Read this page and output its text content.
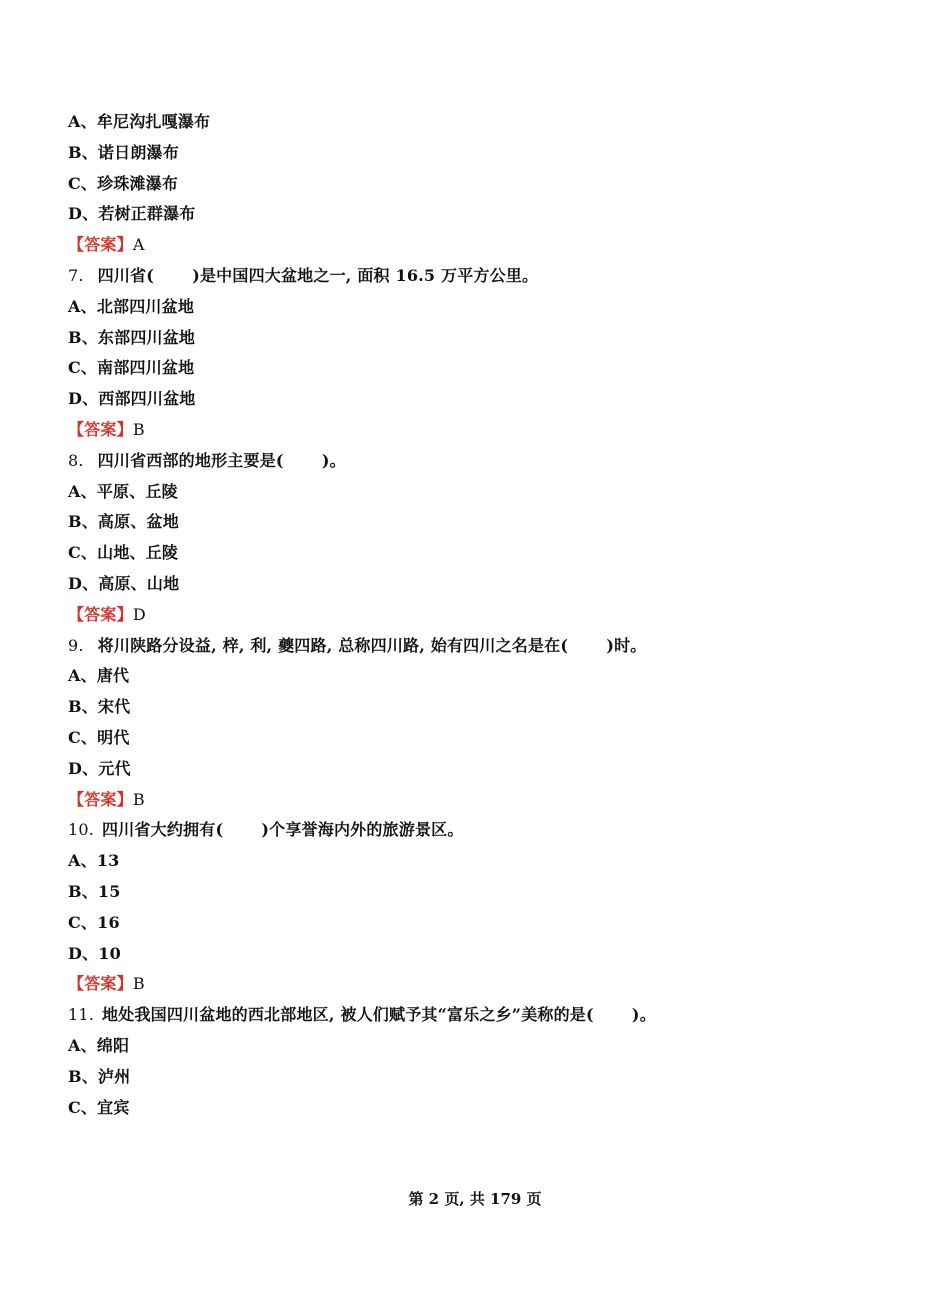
A、牟尼沟扎嘎瀑布
B、诺日朗瀑布
C、珍珠滩瀑布
D、若树正群瀑布
【答案】A
7. 四川省(　　 )是中国四大盆地之一, 面积 16.5 万平方公里。
A、北部四川盆地
B、东部四川盆地
C、南部四川盆地
D、西部四川盆地
【答案】B
8. 四川省西部的地形主要是(　　 )。
A、平原、丘陵
B、高原、盆地
C、山地、丘陵
D、高原、山地
【答案】D
9. 将川陕路分设益, 梓, 利, 夔四路, 总称四川路, 始有四川之名是在(　　 )时。
A、唐代
B、宋代
C、明代
D、元代
【答案】B
10. 四川省大约拥有(　　 )个享誉海内外的旅游景区。
A、13
B、15
C、16
D、10
【答案】B
11. 地处我国四川盆地的西北部地区, 被人们赋予其“富乐之乡”美称的是(　　 )。
A、绵阳
B、泸州
C、宜宾
第 2 页, 共 179 页
